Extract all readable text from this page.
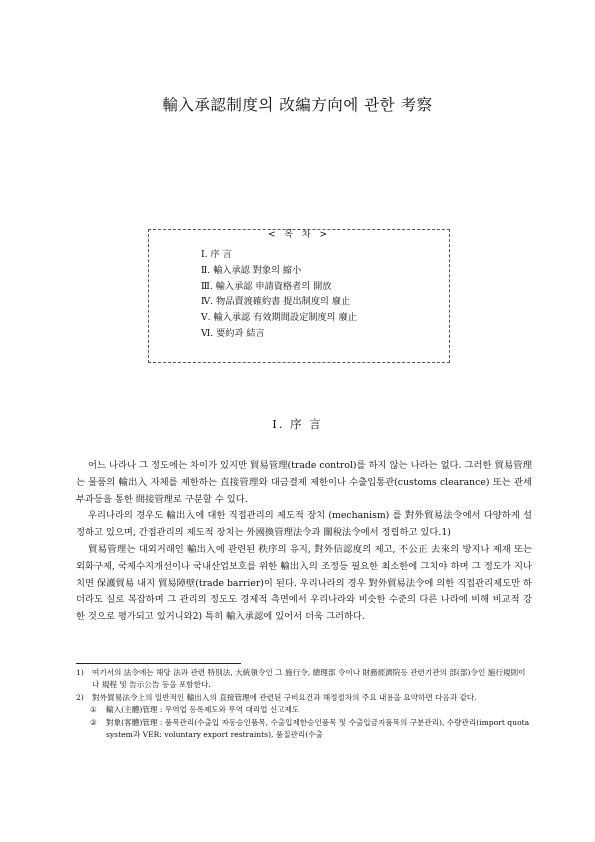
輸入承認制度의 改編方向에 관한 考察
< 목 차 >
Ⅰ. 序 言
Ⅱ. 輸入承認 對象의 縮小
Ⅲ. 輸入承認 申請資格者의 開放
Ⅳ. 物品賣渡確約書 提出制度의 廢止
Ⅴ. 輸入承認 有效期間設定制度의 廢止
Ⅵ. 要約과 結言
Ⅰ. 序 言

어느 나라나 그 정도에는 차이가 있지만 貿易管理(trade control)를 하지 않는 나라는 없다. 그러한 貿易管理는 물품의 輸出入 자체를 제한하는 直接管理와 대금결제 제한이나 수출입통관(customs clearance) 또는 관세부과등을 통한 間接管理로 구분할 수 있다.

우리나라의 경우도 輸出入에 대한 직접관리의 제도적 장치 (mechanism) 를 對外貿易法令에서 다양하게 설정하고 있으며, 간접관리의 제도적 장치는 外國換管理法令과 關稅法令에서 정립하고 있다.1)

貿易管理는 대외거래인 輸出入에 관련된 秩序의 유지, 對外信認度의 제고, 不公正 去來의 방지나 제재 또는 외화구제, 국제수지개선이나 국내산업보호를 위한 輸出入의 조정등 필요한 최소한에 그치야 하며 그 정도가 지나치면 保護貿易 내지 貿易障壁(trade barrier)이 된다. 우리나라의 경우 對外貿易法令에 의한 직접관리제도만 하더라도 실로 복잡하며 그 관리의 정도도 경제적 측면에서 우리나라와 비슷한 수준의 다른 나라에 비해 비교적 강한 것으로 평가되고 있거니와2) 특히 輸入承認에 있어서 더욱 그러하다.

1) 여기서의 法令에는 해당 法과 관련 特別法, 大統領令인 그 施行令, 總理部 令이나 財務經濟院등 관련기관의 部(部)令인 施行規則이나 規程 및 告示公告 등을 포함한다.

2) 對外貿易法令上의 일반적인 輸出入의 直接管理에 관련된 구비요건과 해정절차의 주요 내용을 요약하면 다음과 같다.

① 輸入(主體)管理 : 무역업 등록제도와 무역 대리업 신고제도

② 對象(客體)管理 : 품목관리(수출입 자동승인품목, 수출입제한승인품목 및 수출입금지품목의 구분관리), 수량관리(import quota system과 VER: voluntary export restraints), 품질관리(수출
